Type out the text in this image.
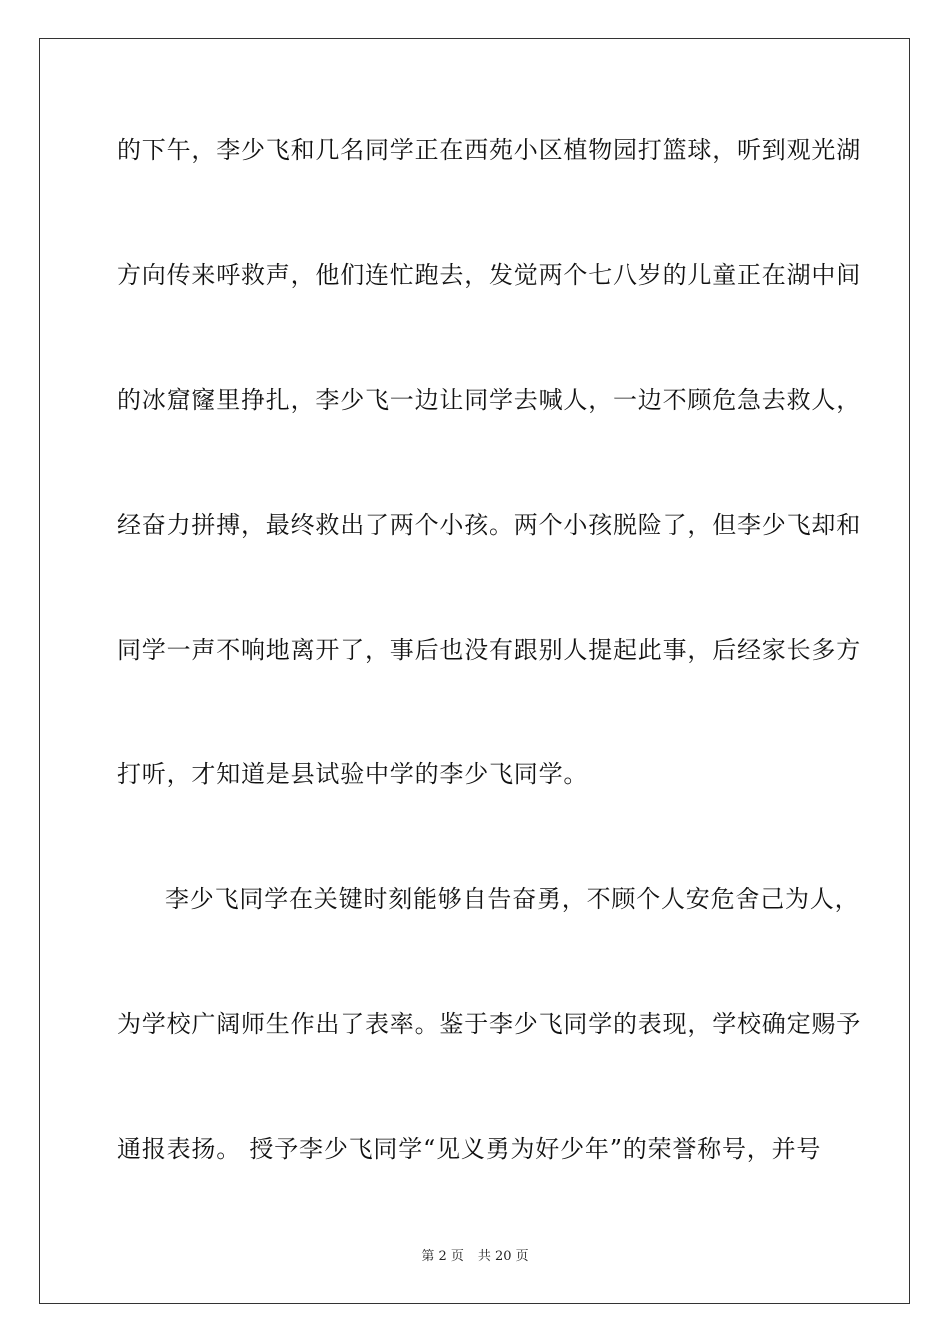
的下午，李少飞和几名同学正在西苑小区植物园打篮球，听到观光湖
方向传来呼救声，他们连忙跑去，发觉两个七八岁的儿童正在湖中间
的冰窟窿里挣扎，李少飞一边让同学去喊人，一边不顾危急去救人，
经奋力拼搏，最终救出了两个小孩。两个小孩脱险了，但李少飞却和
同学一声不响地离开了，事后也没有跟别人提起此事，后经家长多方
打听，才知道是县试验中学的李少飞同学。
李少飞同学在关键时刻能够自告奋勇，不顾个人安危舍己为人，
为学校广阔师生作出了表率。鉴于李少飞同学的表现，学校确定赐予
通报表扬。 授予李少飞同学“见义勇为好少年”的荣誉称号，并号
第 2 页 共 20 页
